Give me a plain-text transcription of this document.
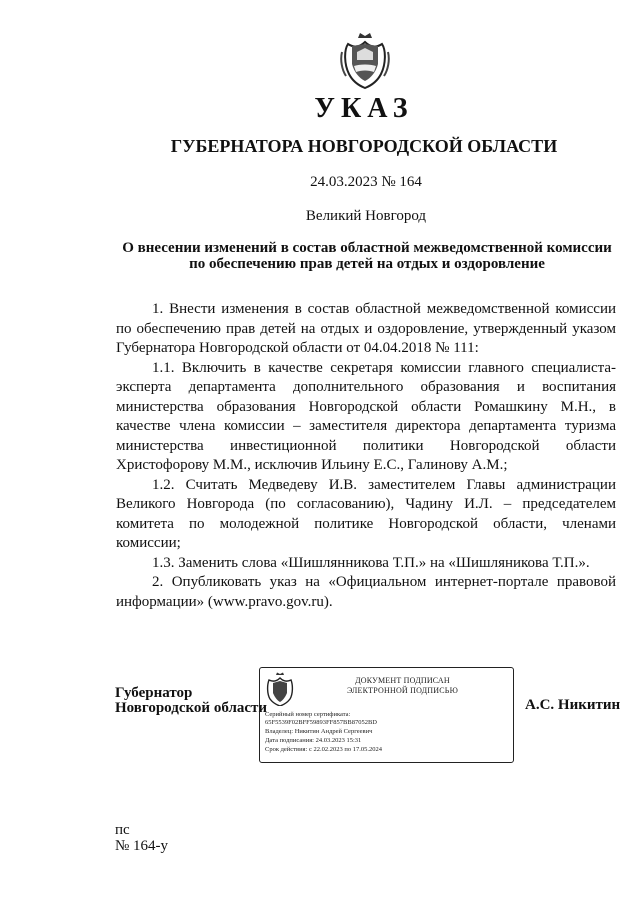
УКАЗ
ГУБЕРНАТОРА НОВГОРОДСКОЙ ОБЛАСТИ
24.03.2023 № 164
Великий Новгород
О внесении изменений в состав областной межведомственной комиссии
по обеспечению прав детей на отдых и оздоровление

1. Внести изменения в состав областной межведомственной комиссии по обеспечению прав детей на отдых и оздоровление, утвержденный указом Губернатора Новгородской области от 04.04.2018 № 111:

1.1. Включить в качестве секретаря комиссии главного специалиста-эксперта департамента дополнительного образования и воспитания министерства образования Новгородской области Ромашкину М.Н., в качестве члена комиссии – заместителя директора департамента туризма министерства инвестиционной политики Новгородской области Христофорову М.М., исключив Ильину Е.С., Галинову А.М.;

1.2. Считать Медведеву И.В. заместителем Главы администрации Великого Новгорода (по согласованию), Чадину И.Л. – председателем комитета по молодежной политике Новгородской области, членами комиссии;

1.3. Заменить слова «Шишлянникова Т.П.» на «Шишляникова Т.П.».

2. Опубликовать указ на «Официальном интернет-портале правовой информации» (www.pravo.gov.ru).

Губернатор
Новгородской области
ДОКУМЕНТ ПОДПИСАН
ЭЛЕКТРОННОЙ ПОДПИСЬЮ
Серийный номер сертификата:
65F5539F02BFF59893FF857BB87052BD
Владелец: Никитин Андрей Сергеевич
Дата подписания: 24.03.2023 15:31
Срок действия: с 22.02.2023 по 17.05.2024
А.С. Никитин
пс
№ 164-у
